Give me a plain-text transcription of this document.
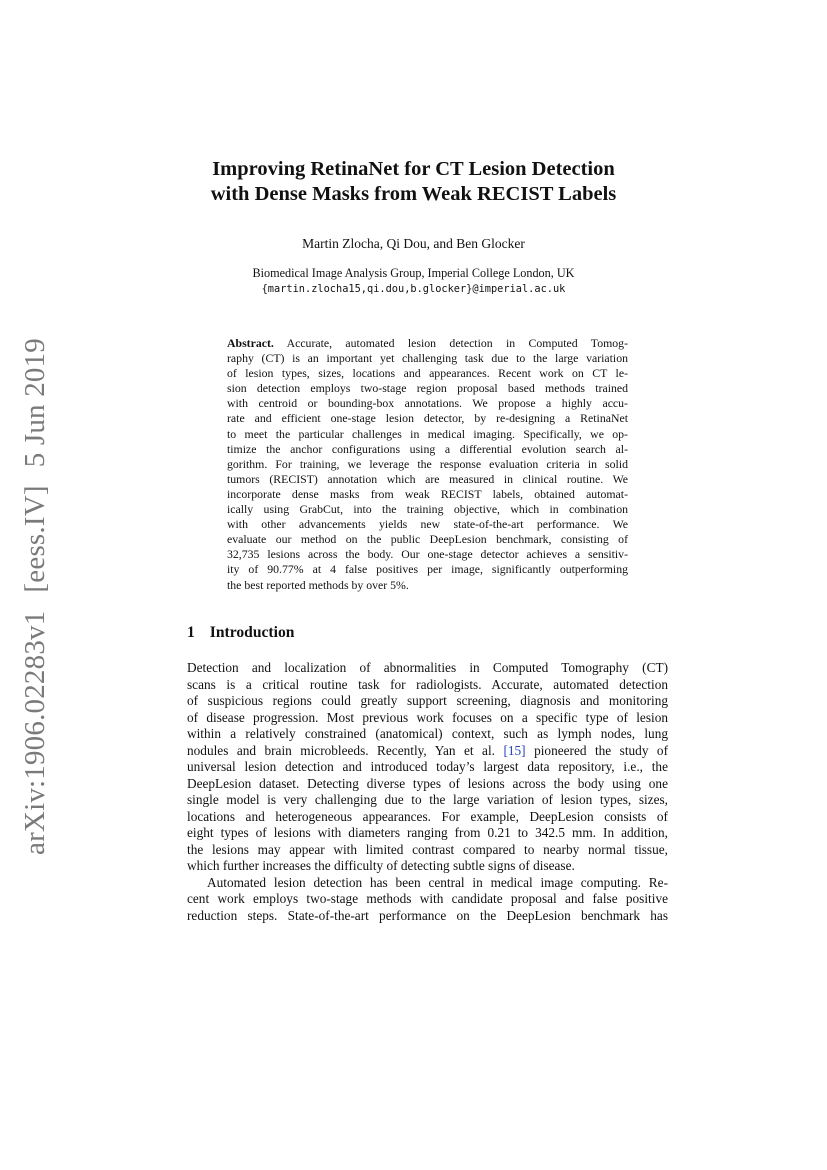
arXiv:1906.02283v1[eess.IV]5 Jun 2019
Improving RetinaNet for CT Lesion Detection
with Dense Masks from Weak RECIST Labels
Martin Zlocha, Qi Dou, and Ben Glocker
Biomedical Image Analysis Group, Imperial College London, UK
{martin.zlocha15,qi.dou,b.glocker}@imperial.ac.uk
Abstract. Accurate, automated lesion detection in Computed Tomog-
raphy (CT) is an important yet challenging task due to the large variation
of lesion types, sizes, locations and appearances. Recent work on CT le-
sion detection employs two-stage region proposal based methods trained
with centroid or bounding-box annotations. We propose a highly accu-
rate and efficient one-stage lesion detector, by re-designing a RetinaNet
to meet the particular challenges in medical imaging. Specifically, we op-
timize the anchor configurations using a differential evolution search al-
gorithm. For training, we leverage the response evaluation criteria in solid
tumors (RECIST) annotation which are measured in clinical routine. We
incorporate dense masks from weak RECIST labels, obtained automat-
ically using GrabCut, into the training objective, which in combination
with other advancements yields new state-of-the-art performance. We
evaluate our method on the public DeepLesion benchmark, consisting of
32,735 lesions across the body. Our one-stage detector achieves a sensitiv-
ity of 90.77% at 4 false positives per image, significantly outperforming
the best reported methods by over 5%.
1 Introduction
Detection and localization of abnormalities in Computed Tomography (CT)
scans is a critical routine task for radiologists. Accurate, automated detection
of suspicious regions could greatly support screening, diagnosis and monitoring
of disease progression. Most previous work focuses on a specific type of lesion
within a relatively constrained (anatomical) context, such as lymph nodes, lung
nodules and brain microbleeds. Recently, Yan et al. [15] pioneered the study of
universal lesion detection and introduced today’s largest data repository, i.e., the
DeepLesion dataset. Detecting diverse types of lesions across the body using one
single model is very challenging due to the large variation of lesion types, sizes,
locations and heterogeneous appearances. For example, DeepLesion consists of
eight types of lesions with diameters ranging from 0.21 to 342.5 mm. In addition,
the lesions may appear with limited contrast compared to nearby normal tissue,
which further increases the difficulty of detecting subtle signs of disease.
Automated lesion detection has been central in medical image computing. Re-
cent work employs two-stage methods with candidate proposal and false positive
reduction steps. State-of-the-art performance on the DeepLesion benchmark has
